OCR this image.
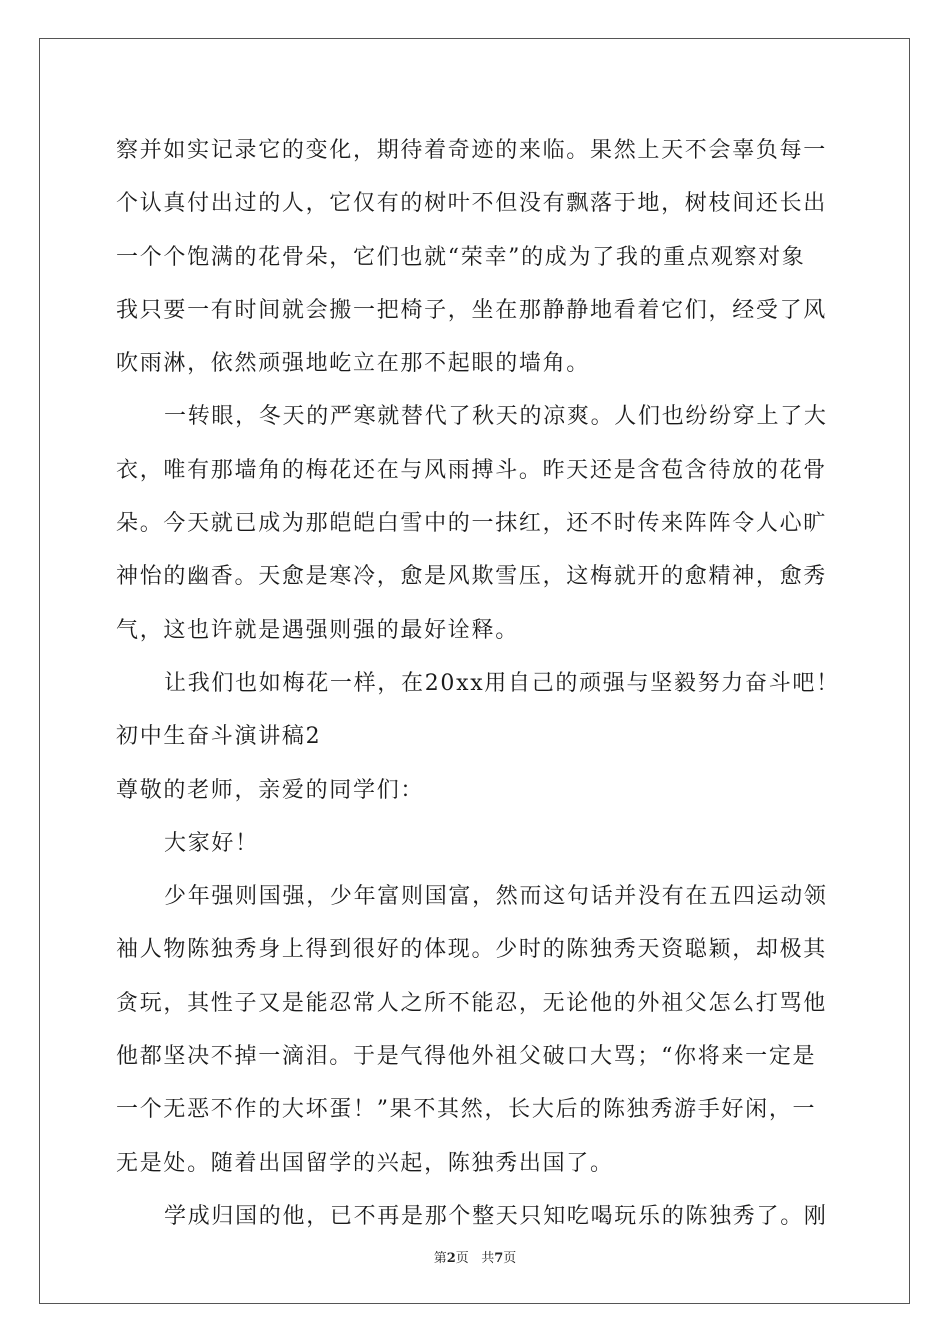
察并如实记录它的变化，期待着奇迹的来临。果然上天不会辜负每一
个认真付出过的人，它仅有的树叶不但没有飘落于地，树枝间还长出
一个个饱满的花骨朵，它们也就“荣幸”的成为了我的重点观察对象
我只要一有时间就会搬一把椅子，坐在那静静地看着它们，经受了风
吹雨淋，依然顽强地屹立在那不起眼的墙角。
一转眼，冬天的严寒就替代了秋天的凉爽。人们也纷纷穿上了大
衣，唯有那墙角的梅花还在与风雨搏斗。昨天还是含苞含待放的花骨
朵。今天就已成为那皑皑白雪中的一抹红，还不时传来阵阵令人心旷
神怡的幽香。天愈是寒冷，愈是风欺雪压，这梅就开的愈精神，愈秀
气，这也许就是遇强则强的最好诠释。
让我们也如梅花一样，在20xx用自己的顽强与坚毅努力奋斗吧！
初中生奋斗演讲稿2
尊敬的老师，亲爱的同学们：
大家好！
少年强则国强，少年富则国富，然而这句话并没有在五四运动领
袖人物陈独秀身上得到很好的体现。少时的陈独秀天资聪颖，却极其
贪玩，其性子又是能忍常人之所不能忍，无论他的外祖父怎么打骂他
他都坚决不掉一滴泪。于是气得他外祖父破口大骂；“你将来一定是
一个无恶不作的大坏蛋！”果不其然，长大后的陈独秀游手好闲，一
无是处。随着出国留学的兴起，陈独秀出国了。
学成归国的他，已不再是那个整天只知吃喝玩乐的陈独秀了。刚
第2页 共7页
